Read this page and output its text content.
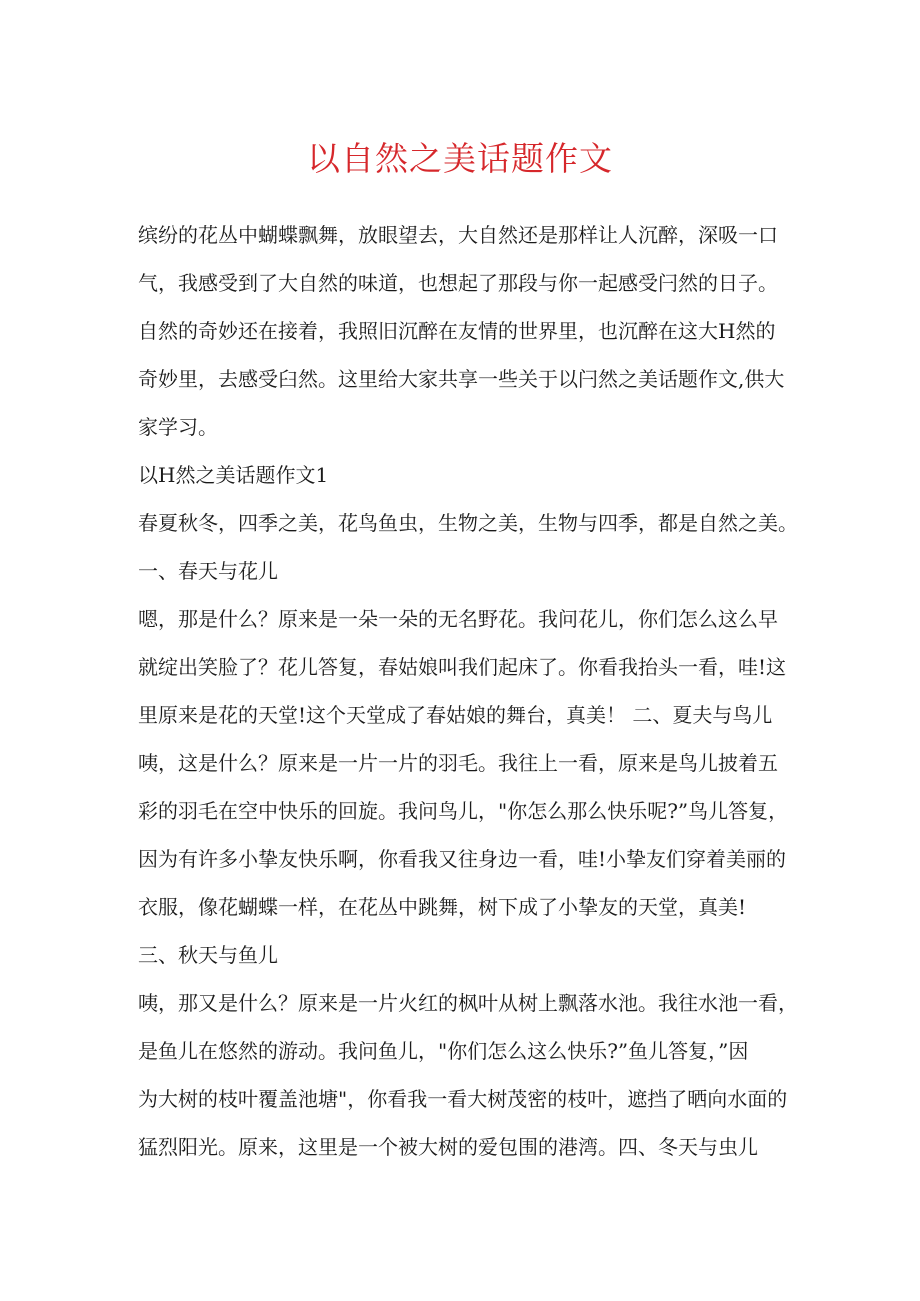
以自然之美话题作文
缤纷的花丛中蝴蝶飘舞，放眼望去，大自然还是那样让人沉醉，深吸一口
气，我感受到了大自然的味道，也想起了那段与你一起感受闩然的日子。
自然的奇妙还在接着，我照旧沉醉在友情的世界里，也沉醉在这大H然的
奇妙里，去感受臼然。这里给大家共享一些关于以闩然之美话题作文,供大
家学习。
以H然之美话题作文1
春夏秋冬，四季之美，花鸟鱼虫，生物之美，生物与四季，都是自然之美。
一、春天与花儿
嗯，那是什么？原来是一朵一朵的无名野花。我问花儿，你们怎么这么早
就绽出笑脸了？花儿答复，春姑娘叫我们起床了。你看我抬头一看，哇!这
里原来是花的天堂!这个天堂成了春姑娘的舞台，真美！ 二、夏夫与鸟儿
咦，这是什么？原来是一片一片的羽毛。我往上一看，原来是鸟儿披着五
彩的羽毛在空中快乐的回旋。我问鸟儿，"你怎么那么快乐呢?”鸟儿答复，
因为有许多小挚友快乐啊，你看我又往身边一看，哇!小挚友们穿着美丽的
衣服，像花蝴蝶一样，在花丛中跳舞，树下成了小挚友的天堂，真美!
三、秋天与鱼儿
咦，那又是什么？原来是一片火红的枫叶从树上飘落水池。我往水池一看，
是鱼儿在悠然的游动。我问鱼儿，"你们怎么这么快乐?”鱼儿答复，”因
为大树的枝叶覆盖池塘"，你看我一看大树茂密的枝叶，遮挡了晒向水面的
猛烈阳光。原来，这里是一个被大树的爱包围的港湾。四、冬天与虫儿
